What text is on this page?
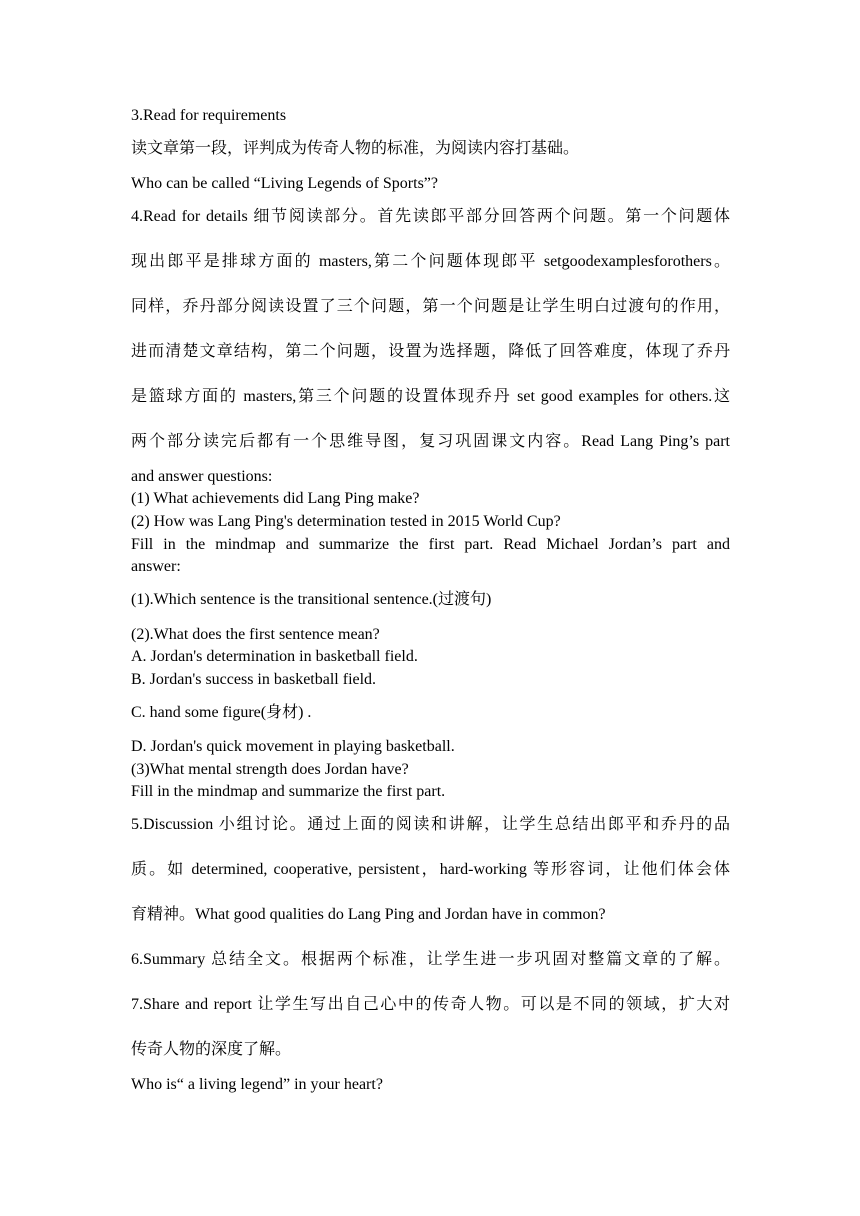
3.Read for requirements

读文章第一段，评判成为传奇人物的标准，为阅读内容打基础。

Who can be called “Living Legends of Sports”?

4.Read for details 细节阅读部分。首先读郎平部分回答两个问题。第一个问题体

现出郎平是排球方面的 masters,第二个问题体现郎平 setgoodexamplesforothers。

同样，乔丹部分阅读设置了三个问题，第一个问题是让学生明白过渡句的作用，

进而清楚文章结构，第二个问题，设置为选择题，降低了回答难度，体现了乔丹

是篮球方面的 masters,第三个问题的设置体现乔丹 set good examples for others.这

两个部分读完后都有一个思维导图，复习巩固课文内容。Read Lang Ping’s part

and answer questions:

(1) What achievements did Lang Ping make?

(2) How was Lang Ping's determination tested in 2015 World Cup?

Fill in the mindmap and summarize the first part. Read Michael Jordan’s part and

answer:

(1).Which sentence is the transitional sentence.(过渡句)

(2).What does the first sentence mean?

A. Jordan's determination in basketball field.

B. Jordan's success in basketball field.

C. hand some figure(身材) .

D. Jordan's quick movement in playing basketball.

(3)What mental strength does Jordan have?

Fill in the mindmap and summarize the first part.

5.Discussion 小组讨论。通过上面的阅读和讲解，让学生总结出郎平和乔丹的品

质。如 determined, cooperative, persistent，hard-working 等形容词，让他们体会体

育精神。What good qualities do Lang Ping and Jordan have in common?

6.Summary 总结全文。根据两个标准，让学生进一步巩固对整篇文章的了解。

7.Share and report 让学生写出自己心中的传奇人物。可以是不同的领域，扩大对

传奇人物的深度了解。

Who is“ a living legend” in your heart?
